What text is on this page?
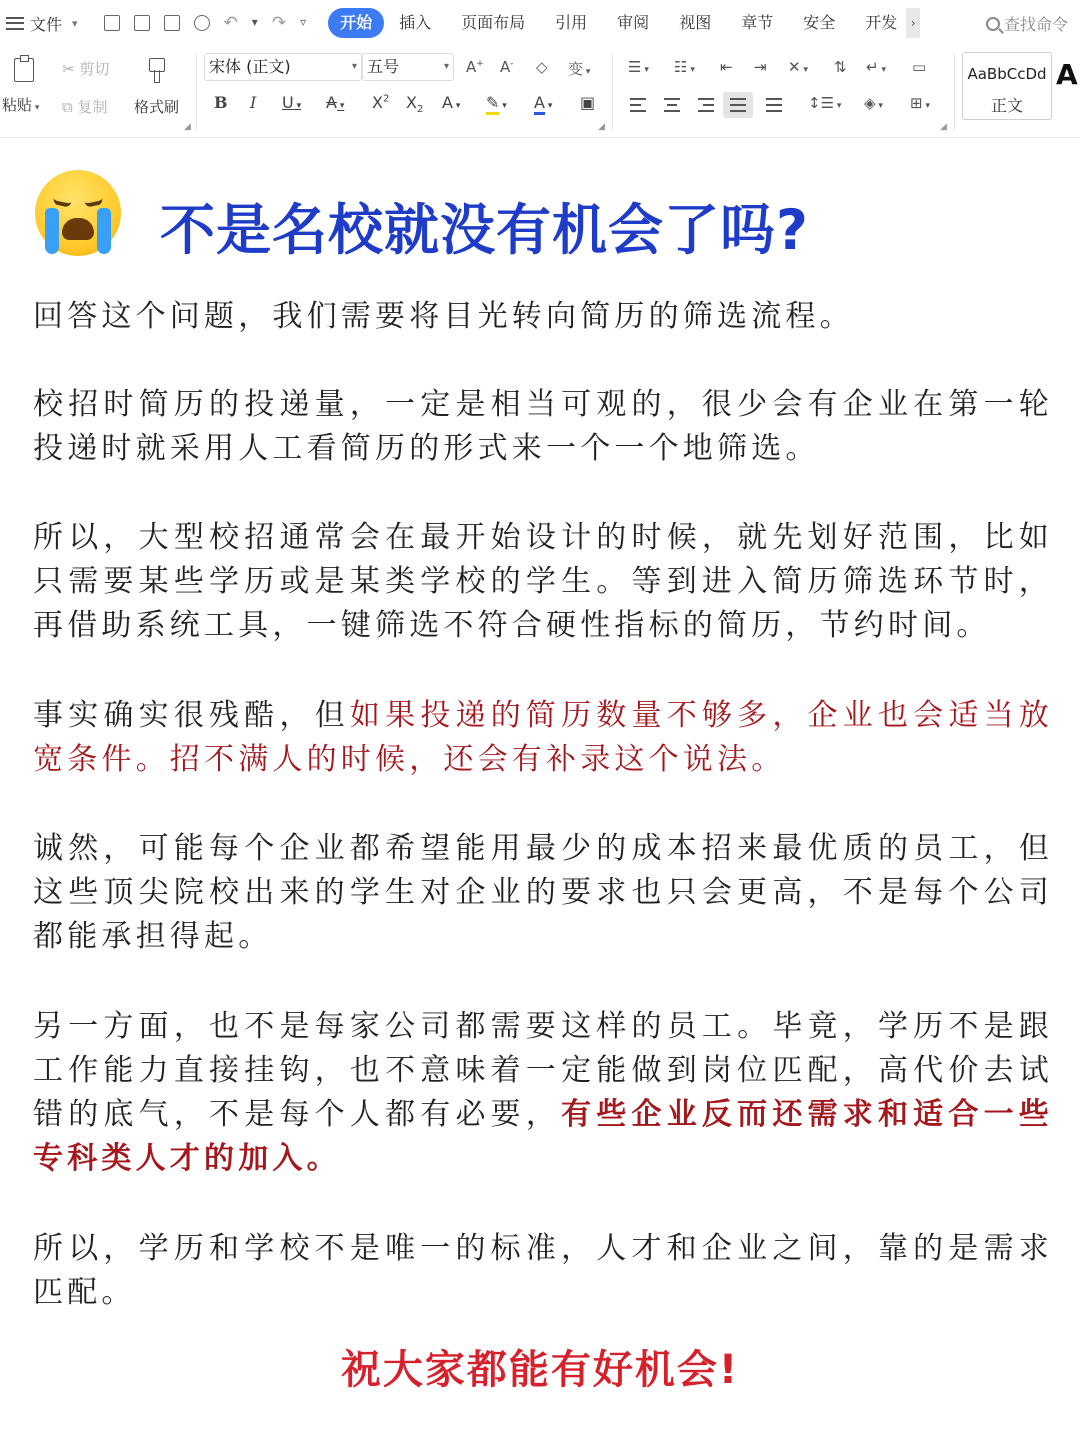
文件 ▾	↶ ▾ ↷ ▿	开始	插入	页面布局	引用	审阅	视图	章节	安全	开发	›	查找命令
粘贴 ▾
✂ 剪切
⧉ 复制 格式刷
◢
宋体 (正文)	▾ 五号	▾ A+ A- ◇ 变 ▾
B I U ▾ A ▾ $X^2$ $X_2$ A ▾ ✎ ▾ A ▾ ▣
◢
☰ ▾ ☷ ▾ ⇤ ⇥ ✕ ▾ ⇅ ↵ ▾ ▭
↕☰ ▾ ◈ ▾ ⊞ ▾
◢
AaBbCcDd
正文
A
不是名校就没有机会了吗?

回答这个问题，我们需要将目光转向简历的筛选流程。

校招时简历的投递量，一定是相当可观的，很少会有企业在第一轮投递时就采用人工看简历的形式来一个一个地筛选。

所以，大型校招通常会在最开始设计的时候，就先划好范围，比如只需要某些学历或是某类学校的学生。等到进入简历筛选环节时，再借助系统工具，一键筛选不符合硬性指标的简历，节约时间。

事实确实很残酷，但如果投递的简历数量不够多，企业也会适当放宽条件。招不满人的时候，还会有补录这个说法。

诚然，可能每个企业都希望能用最少的成本招来最优质的员工，但这些顶尖院校出来的学生对企业的要求也只会更高，不是每个公司都能承担得起。

另一方面，也不是每家公司都需要这样的员工。毕竟，学历不是跟工作能力直接挂钩，也不意味着一定能做到岗位匹配，高代价去试错的底气，不是每个人都有必要，有些企业反而还需求和适合一些专科类人才的加入。

所以，学历和学校不是唯一的标准，人才和企业之间，靠的是需求匹配。

祝大家都能有好机会!
